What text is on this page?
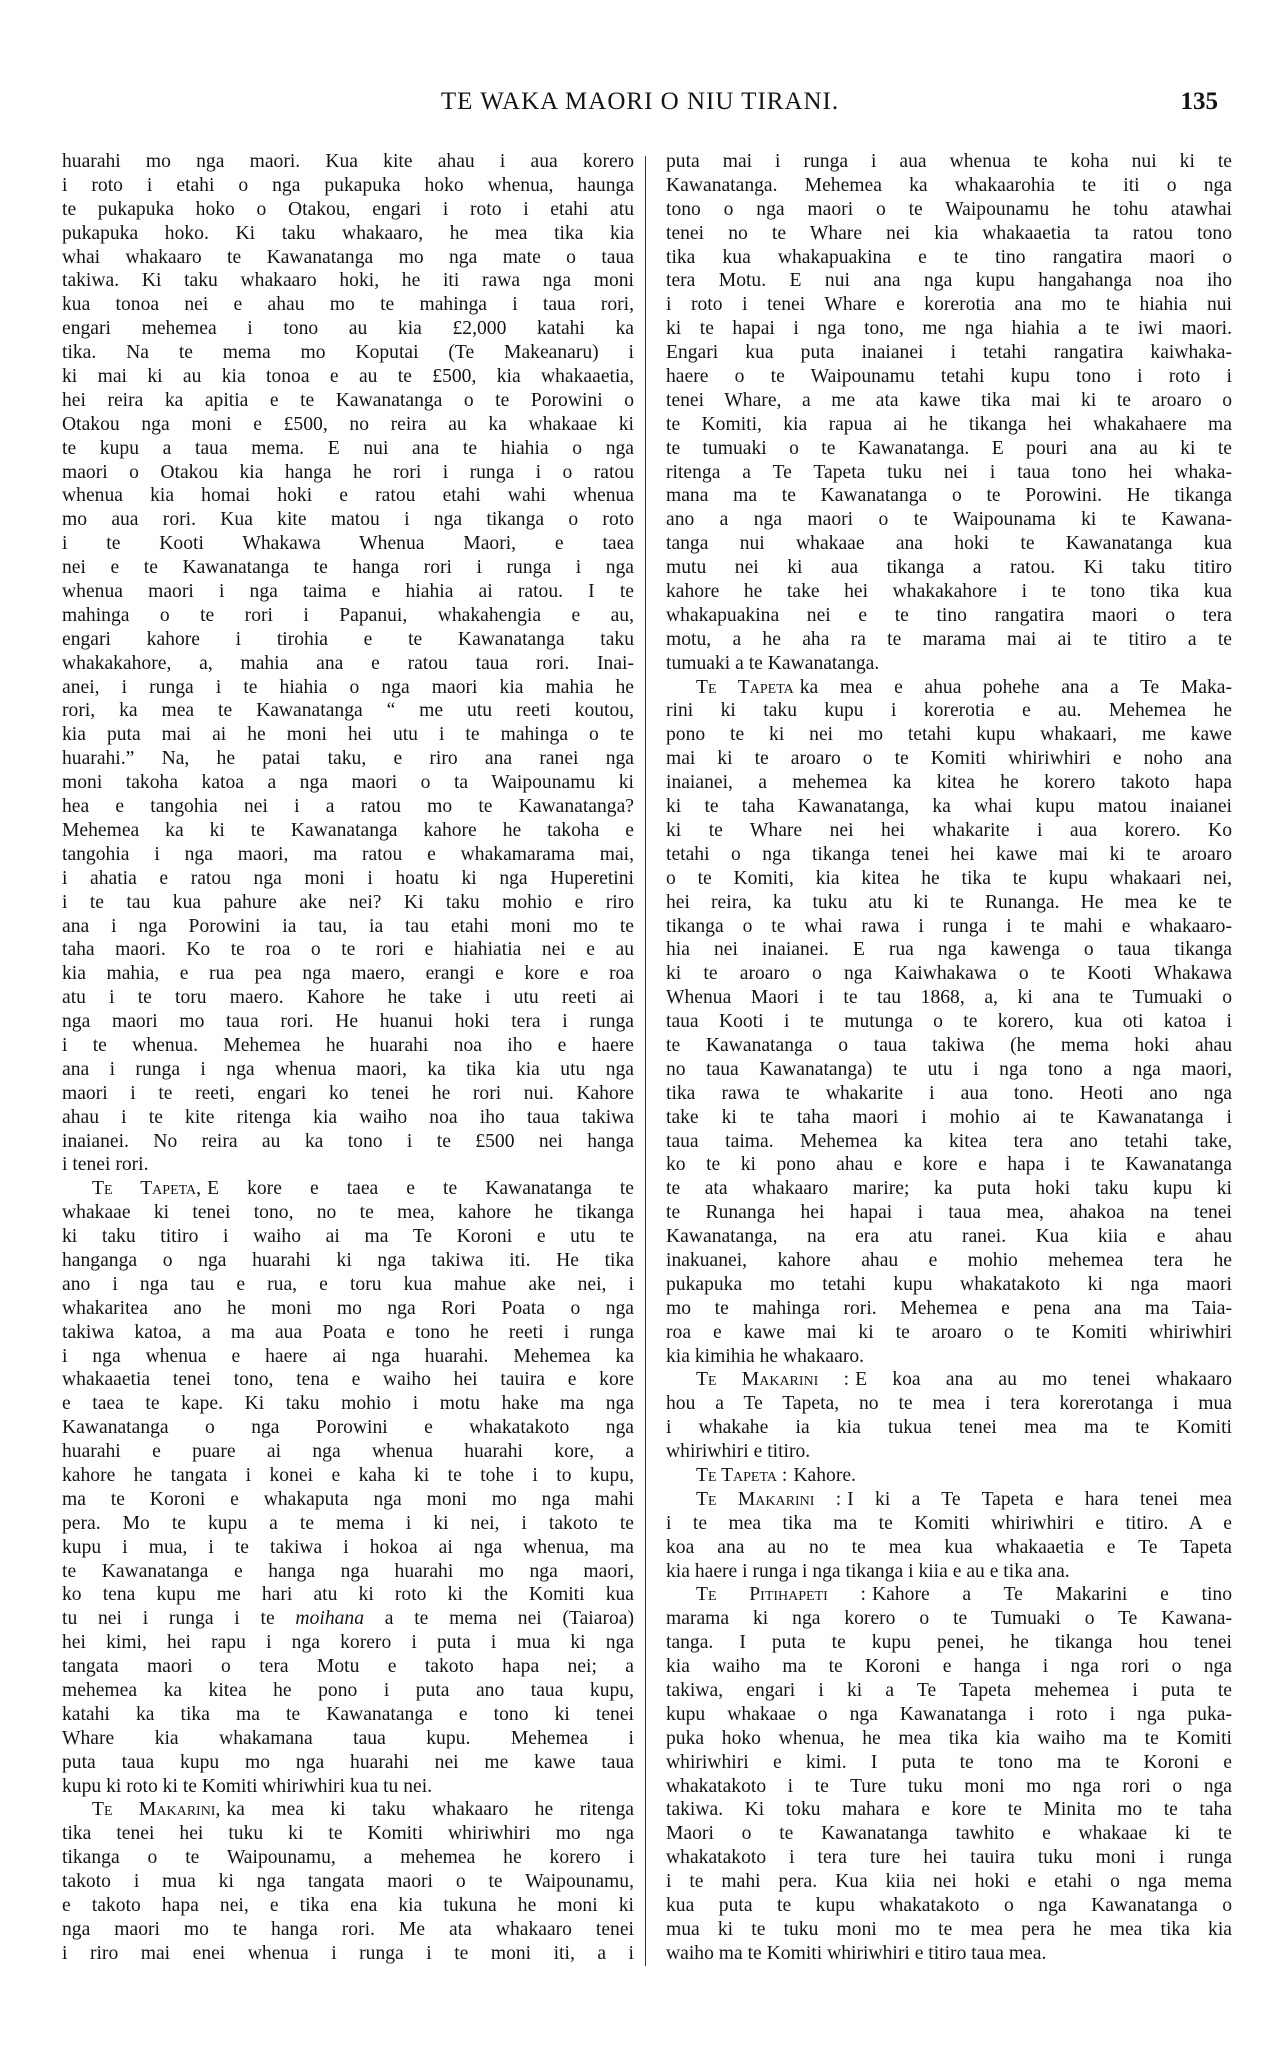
TE WAKA MAORI O NIU TIRANI.	135
huarahi mo nga maori. Kua kite ahau i aua korero
i roto i etahi o nga pukapuka hoko whenua, haunga
te pukapuka hoko o Otakou, engari i roto i etahi atu
pukapuka hoko. Ki taku whakaaro, he mea tika kia
whai whakaaro te Kawanatanga mo nga mate o taua
takiwa. Ki taku whakaaro hoki, he iti rawa nga moni
kua tonoa nei e ahau mo te mahinga i taua rori,
engari mehemea i tono au kia £2,000 katahi ka
tika. Na te mema mo Koputai (Te Makeanaru) i
ki mai ki au kia tonoa e au te £500, kia whakaaetia,
hei reira ka apitia e te Kawanatanga o te Porowini o
Otakou nga moni e £500, no reira au ka whakaae ki
te kupu a taua mema. E nui ana te hiahia o nga
maori o Otakou kia hanga he rori i runga i o ratou
whenua kia homai hoki e ratou etahi wahi whenua
mo aua rori. Kua kite matou i nga tikanga o roto
i te Kooti Whakawa Whenua Maori, e taea
nei e te Kawanatanga te hanga rori i runga i nga
whenua maori i nga taima e hiahia ai ratou. I te
mahinga o te rori i Papanui, whakahengia e au,
engari kahore i tirohia e te Kawanatanga taku
whakakahore, a, mahia ana e ratou taua rori. Inai-
anei, i runga i te hiahia o nga maori kia mahia he
rori, ka mea te Kawanatanga “ me utu reeti koutou,
kia puta mai ai he moni hei utu i te mahinga o te
huarahi.” Na, he patai taku, e riro ana ranei nga
moni takoha katoa a nga maori o ta Waipounamu ki
hea e tangohia nei i a ratou mo te Kawanatanga?
Mehemea ka ki te Kawanatanga kahore he takoha e
tangohia i nga maori, ma ratou e whakamarama mai,
i ahatia e ratou nga moni i hoatu ki nga Huperetini
i te tau kua pahure ake nei? Ki taku mohio e riro
ana i nga Porowini ia tau, ia tau etahi moni mo te
taha maori. Ko te roa o te rori e hiahiatia nei e au
kia mahia, e rua pea nga maero, erangi e kore e roa
atu i te toru maero. Kahore he take i utu reeti ai
nga maori mo taua rori. He huanui hoki tera i runga
i te whenua. Mehemea he huarahi noa iho e haere
ana i runga i nga whenua maori, ka tika kia utu nga
maori i te reeti, engari ko tenei he rori nui. Kahore
ahau i te kite ritenga kia waiho noa iho taua takiwa
inaianei. No reira au ka tono i te £500 nei hanga
i tenei rori.
Te Tapeta, E kore e taea e te Kawanatanga te
whakaae ki tenei tono, no te mea, kahore he tikanga
ki taku titiro i waiho ai ma Te Koroni e utu te
hanganga o nga huarahi ki nga takiwa iti. He tika
ano i nga tau e rua, e toru kua mahue ake nei, i
whakaritea ano he moni mo nga Rori Poata o nga
takiwa katoa, a ma aua Poata e tono he reeti i runga
i nga whenua e haere ai nga huarahi. Mehemea ka
whakaaetia tenei tono, tena e waiho hei tauira e kore
e taea te kape. Ki taku mohio i motu hake ma nga
Kawanatanga o nga Porowini e whakatakoto nga
huarahi e puare ai nga whenua huarahi kore, a
kahore he tangata i konei e kaha ki te tohe i to kupu,
ma te Koroni e whakaputa nga moni mo nga mahi
pera. Mo te kupu a te mema i ki nei, i takoto te
kupu i mua, i te takiwa i hokoa ai nga whenua, ma
te Kawanatanga e hanga nga huarahi mo nga maori,
ko tena kupu me hari atu ki roto ki the Komiti kua
tu nei i runga i te moihana a te mema nei (Taiaroa)
hei kimi, hei rapu i nga korero i puta i mua ki nga
tangata maori o tera Motu e takoto hapa nei; a
mehemea ka kitea he pono i puta ano taua kupu,
katahi ka tika ma te Kawanatanga e tono ki tenei
Whare kia whakamana taua kupu. Mehemea i
puta taua kupu mo nga huarahi nei me kawe taua
kupu ki roto ki te Komiti whiriwhiri kua tu nei.
Te Makarini, ka mea ki taku whakaaro he ritenga
tika tenei hei tuku ki te Komiti whiriwhiri mo nga
tikanga o te Waipounamu, a mehemea he korero i
takoto i mua ki nga tangata maori o te Waipounamu,
e takoto hapa nei, e tika ena kia tukuna he moni ki
nga maori mo te hanga rori. Me ata whakaaro tenei
i riro mai enei whenua i runga i te moni iti, a i
puta mai i runga i aua whenua te koha nui ki te
Kawanatanga. Mehemea ka whakaarohia te iti o nga
tono o nga maori o te Waipounamu he tohu atawhai
tenei no te Whare nei kia whakaaetia ta ratou tono
tika kua whakapuakina e te tino rangatira maori o
tera Motu. E nui ana nga kupu hangahanga noa iho
i roto i tenei Whare e korerotia ana mo te hiahia nui
ki te hapai i nga tono, me nga hiahia a te iwi maori.
Engari kua puta inaianei i tetahi rangatira kaiwhaka-
haere o te Waipounamu tetahi kupu tono i roto i
tenei Whare, a me ata kawe tika mai ki te aroaro o
te Komiti, kia rapua ai he tikanga hei whakahaere ma
te tumuaki o te Kawanatanga. E pouri ana au ki te
ritenga a Te Tapeta tuku nei i taua tono hei whaka-
mana ma te Kawanatanga o te Porowini. He tikanga
ano a nga maori o te Waipounama ki te Kawana-
tanga nui whakaae ana hoki te Kawanatanga kua
mutu nei ki aua tikanga a ratou. Ki taku titiro
kahore he take hei whakakahore i te tono tika kua
whakapuakina nei e te tino rangatira maori o tera
motu, a he aha ra te marama mai ai te titiro a te
tumuaki a te Kawanatanga.
Te Tapeta ka mea e ahua pohehe ana a Te Maka-
rini ki taku kupu i korerotia e au. Mehemea he
pono te ki nei mo tetahi kupu whakaari, me kawe
mai ki te aroaro o te Komiti whiriwhiri e noho ana
inaianei, a mehemea ka kitea he korero takoto hapa
ki te taha Kawanatanga, ka whai kupu matou inaianei
ki te Whare nei hei whakarite i aua korero. Ko
tetahi o nga tikanga tenei hei kawe mai ki te aroaro
o te Komiti, kia kitea he tika te kupu whakaari nei,
hei reira, ka tuku atu ki te Runanga. He mea ke te
tikanga o te whai rawa i runga i te mahi e whakaaro-
hia nei inaianei. E rua nga kawenga o taua tikanga
ki te aroaro o nga Kaiwhakawa o te Kooti Whakawa
Whenua Maori i te tau 1868, a, ki ana te Tumuaki o
taua Kooti i te mutunga o te korero, kua oti katoa i
te Kawanatanga o taua takiwa (he mema hoki ahau
no taua Kawanatanga) te utu i nga tono a nga maori,
tika rawa te whakarite i aua tono. Heoti ano nga
take ki te taha maori i mohio ai te Kawanatanga i
taua taima. Mehemea ka kitea tera ano tetahi take,
ko te ki pono ahau e kore e hapa i te Kawanatanga
te ata whakaaro marire; ka puta hoki taku kupu ki
te Runanga hei hapai i taua mea, ahakoa na tenei
Kawanatanga, na era atu ranei. Kua kiia e ahau
inakuanei, kahore ahau e mohio mehemea tera he
pukapuka mo tetahi kupu whakatakoto ki nga maori
mo te mahinga rori. Mehemea e pena ana ma Taia-
roa e kawe mai ki te aroaro o te Komiti whiriwhiri
kia kimihia he whakaaro.
Te Makarini : E koa ana au mo tenei whakaaro
hou a Te Tapeta, no te mea i tera korerotanga i mua
i whakahe ia kia tukua tenei mea ma te Komiti
whiriwhiri e titiro.
Te Tapeta : Kahore.
Te Makarini : I ki a Te Tapeta e hara tenei mea
i te mea tika ma te Komiti whiriwhiri e titiro. A e
koa ana au no te mea kua whakaaetia e Te Tapeta
kia haere i runga i nga tikanga i kiia e au e tika ana.
Te Pitihapeti : Kahore a Te Makarini e tino
marama ki nga korero o te Tumuaki o Te Kawana-
tanga. I puta te kupu penei, he tikanga hou tenei
kia waiho ma te Koroni e hanga i nga rori o nga
takiwa, engari i ki a Te Tapeta mehemea i puta te
kupu whakaae o nga Kawanatanga i roto i nga puka-
puka hoko whenua, he mea tika kia waiho ma te Komiti
whiriwhiri e kimi. I puta te tono ma te Koroni e
whakatakoto i te Ture tuku moni mo nga rori o nga
takiwa. Ki toku mahara e kore te Minita mo te taha
Maori o te Kawanatanga tawhito e whakaae ki te
whakatakoto i tera ture hei tauira tuku moni i runga
i te mahi pera. Kua kiia nei hoki e etahi o nga mema
kua puta te kupu whakatakoto o nga Kawanatanga o
mua ki te tuku moni mo te mea pera he mea tika kia
waiho ma te Komiti whiriwhiri e titiro taua mea.
